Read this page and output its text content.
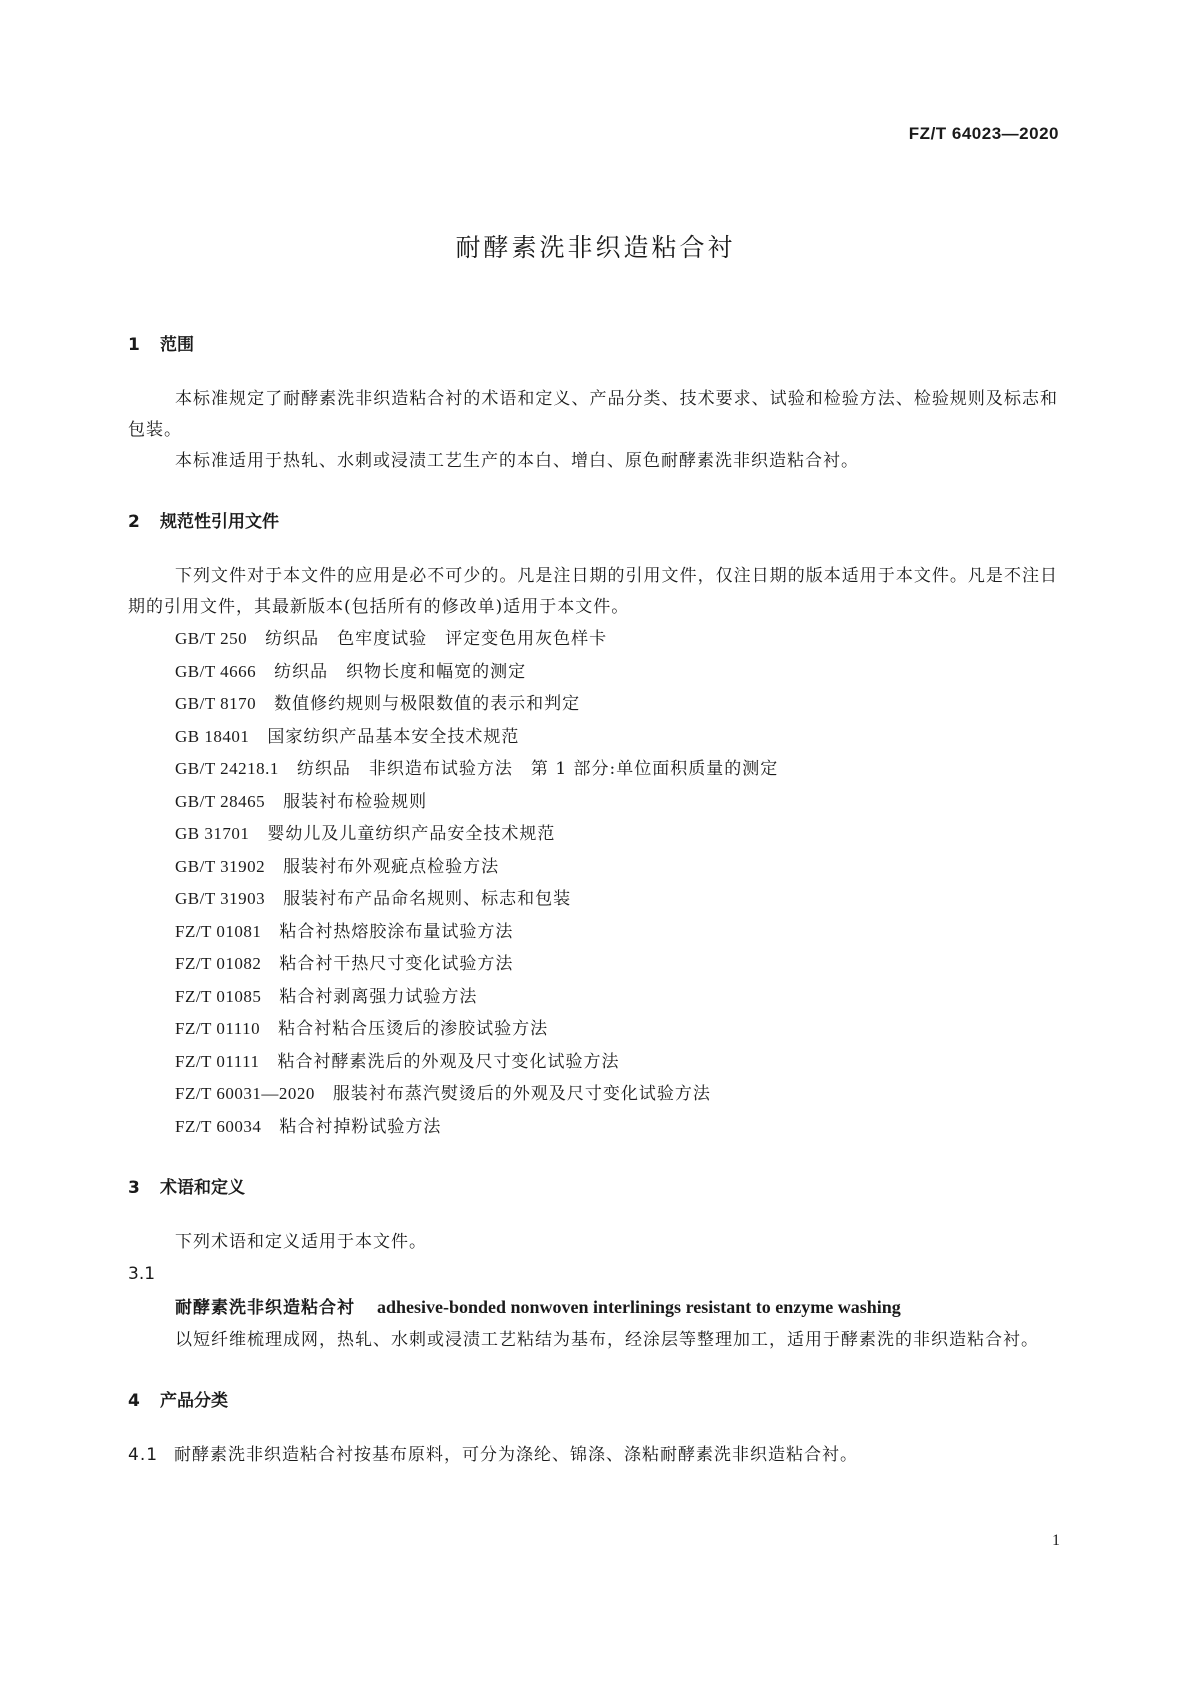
FZ/T 64023—2020
耐酵素洗非织造粘合衬
1 范围

本标准规定了耐酵素洗非织造粘合衬的术语和定义、产品分类、技术要求、试验和检验方法、检验规则及标志和包装。

本标准适用于热轧、水刺或浸渍工艺生产的本白、增白、原色耐酵素洗非织造粘合衬。

2 规范性引用文件

下列文件对于本文件的应用是必不可少的。凡是注日期的引用文件，仅注日期的版本适用于本文件。凡是不注日期的引用文件，其最新版本(包括所有的修改单)适用于本文件。

GB/T 250 纺织品　色牢度试验　评定变色用灰色样卡
GB/T 4666 纺织品　织物长度和幅宽的测定
GB/T 8170 数值修约规则与极限数值的表示和判定
GB 18401 国家纺织产品基本安全技术规范
GB/T 24218.1 纺织品　非织造布试验方法　第 1 部分:单位面积质量的测定
GB/T 28465 服装衬布检验规则
GB 31701 婴幼儿及儿童纺织产品安全技术规范
GB/T 31902 服装衬布外观疵点检验方法
GB/T 31903 服装衬布产品命名规则、标志和包装
FZ/T 01081 粘合衬热熔胶涂布量试验方法
FZ/T 01082 粘合衬干热尺寸变化试验方法
FZ/T 01085 粘合衬剥离强力试验方法
FZ/T 01110 粘合衬粘合压烫后的渗胶试验方法
FZ/T 01111 粘合衬酵素洗后的外观及尺寸变化试验方法
FZ/T 60031—2020 服装衬布蒸汽熨烫后的外观及尺寸变化试验方法
FZ/T 60034 粘合衬掉粉试验方法
3 术语和定义

下列术语和定义适用于本文件。

3.1

耐酵素洗非织造粘合衬 adhesive-bonded nonwoven interlinings resistant to enzyme washing

以短纤维梳理成网，热轧、水刺或浸渍工艺粘结为基布，经涂层等整理加工，适用于酵素洗的非织造粘合衬。

4 产品分类

4.1 耐酵素洗非织造粘合衬按基布原料，可分为涤纶、锦涤、涤粘耐酵素洗非织造粘合衬。

1
